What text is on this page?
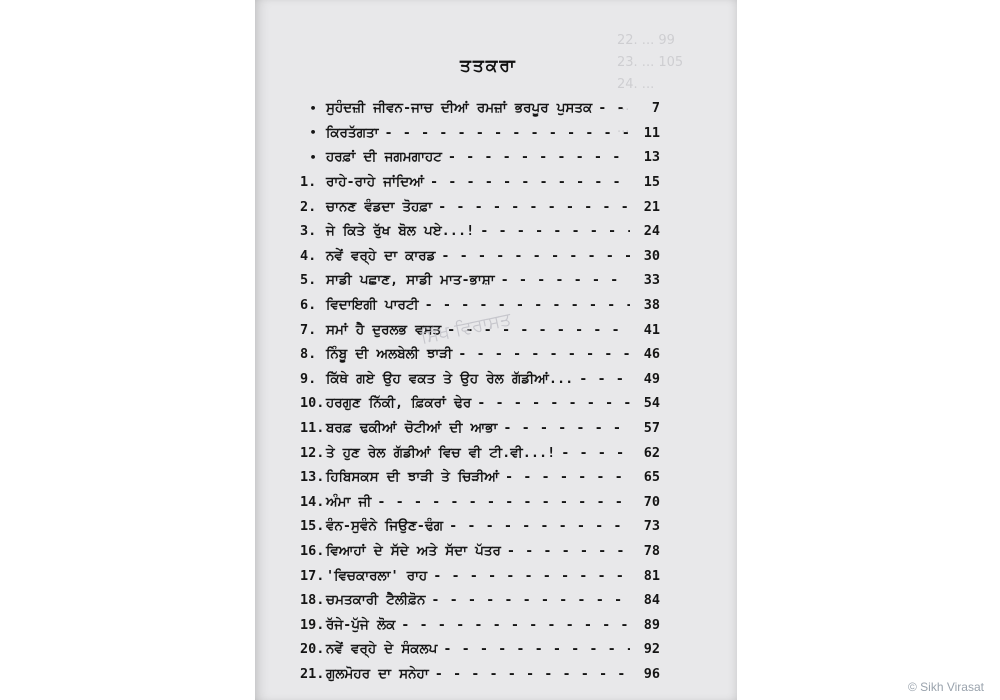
22. ... 99
23. ... 105
24. ...
...
...
ਤਤਕਰਾ
• ਸੁਹੰਦਜ਼ੀ ਜੀਵਨ-ਜਾਚ ਦੀਆਂ ਰਮਜ਼ਾਂ ਭਰਪੂਰ ਪੁਸਤਕ - - -	7
• ਕਿਰਤੱਗਤਾ - - -	11
• ਹਰਫ਼ਾਂ ਦੀ ਜਗਮਗਾਹਟ - - -	13
1. ਰਾਹੇ-ਰਾਹੇ ਜਾਂਦਿਆਂ - - -	15
2. ਚਾਨਣ ਵੰਡਦਾ ਤੋਹਫ਼ਾ - - -	21
3. ਜੇ ਕਿਤੇ ਰੁੱਖ ਬੋਲ ਪਏ...! - - -	24
4. ਨਵੇਂ ਵਰ੍ਹੇ ਦਾ ਕਾਰਡ - - -	30
5. ਸਾਡੀ ਪਛਾਣ, ਸਾਡੀ ਮਾਤ-ਭਾਸ਼ਾ - - -	33
6. ਵਿਦਾਇਗੀ ਪਾਰਟੀ - - -	38
7. ਸਮਾਂ ਹੈ ਦੁਰਲਭ ਵਸਤ - - -	41
8. ਨਿੰਬੂ ਦੀ ਅਲਬੇਲੀ ਝਾੜੀ - - -	46
9. ਕਿੱਥੇ ਗਏ ਉਹ ਵਕਤ ਤੇ ਉਹ ਰੇਲ ਗੱਡੀਆਂ... - - -	49
10. ਹਰਗੁਣ ਨਿੱਕੀ, ਫ਼ਿਕਰਾਂ ਢੇਰ - - -	54
11. ਬਰਫ਼ ਢਕੀਆਂ ਚੋਟੀਆਂ ਦੀ ਆਭਾ - - -	57
12. ਤੇ ਹੁਣ ਰੇਲ ਗੱਡੀਆਂ ਵਿਚ ਵੀ ਟੀ.ਵੀ...! - - -	62
13. ਹਿਬਿਸਕਸ ਦੀ ਝਾੜੀ ਤੇ ਚਿੜੀਆਂ - - -	65
14. ਅੰਮਾ ਜੀ - - -	70
15. ਵੰਨ-ਸੁਵੰਨੇ ਜਿਉਣ-ਢੰਗ - - -	73
16. ਵਿਆਹਾਂ ਦੇ ਸੱਦੇ ਅਤੇ ਸੱਦਾ ਪੱਤਰ - - -	78
17. 'ਵਿਚਕਾਰਲਾ' ਰਾਹ - - -	81
18. ਚਮਤਕਾਰੀ ਟੈਲੀਫ਼ੋਨ - - -	84
19. ਰੱਜੇ-ਪੁੱਜੇ ਲੋਕ - - -	89
20. ਨਵੇਂ ਵਰ੍ਹੇ ਦੇ ਸੰਕਲਪ - - -	92
21. ਗੁਲਮੋਹਰ ਦਾ ਸਨੇਹਾ - - -	96
ਸਿੱਖ ਵਿਰਾਸਤ
© Sikh Virasat
